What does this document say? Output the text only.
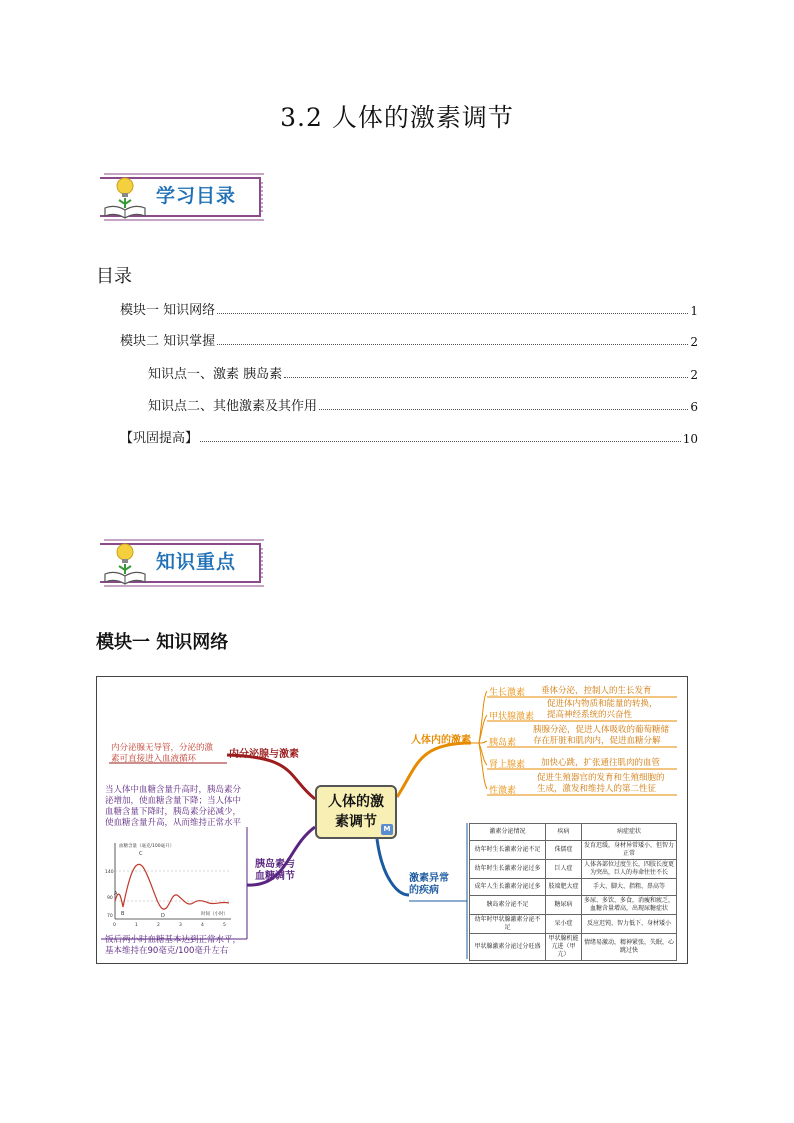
3.2 人体的激素调节
学习目录
目录
模块一 知识网络	1
模块二 知识掌握	2
知识点一、激素 胰岛素	2
知识点二、其他激素及其作用	6
【巩固提高】	10
知识重点
模块一 知识网络
人体的激
素调节 M
内分泌腺与激素
内分泌腺无导管，分泌的激
素可直接进入血液循环
胰岛素与
血糖调节
当人体中血糖含量升高时，胰岛素分
泌增加，使血糖含量下降；当人体中
血糖含量下降时，胰岛素分泌减少，
使血糖含量升高，从而维持正常水平
血糖含量（毫克/100毫升）
140
90
70
A
B
C
D
0	1	2	3	4	5
时间（小时）
饭后两小时血糖基本达到正常水平，
基本维持在90毫克/100毫升左右
人体内的激素
生长激素 垂体分泌，控制人的生长发育
甲状腺激素
促进体内物质和能量的转换，
提高神经系统的兴奋性
胰岛素
胰腺分泌，促进人体吸收的葡萄糖储
存在肝脏和肌肉内，促进血糖分解
肾上腺素 加快心跳，扩张通往肌肉的血管
性激素
促进生殖器官的发育和生殖细胞的
生成，激发和维持人的第二性征
激素异常
的疾病
激素分泌情况	疾病	病症症状
幼年时生长激素分泌不足	侏儒症	发育迟缓，身材异常矮小，但智力正常
幼年时生长激素分泌过多	巨人症	人体各部位过度生长，四肢长度更为突出，巨人的寿命往往不长
成年人生长激素分泌过多	肢端肥大症	手大、脚大、指粗、鼻高等
胰岛素分泌不足	糖尿病	多尿、多饮、多食，消瘦和疲乏，血糖含量增高，出现尿糖症状
幼年时甲状腺激素分泌不足	呆小症	反应迟钝、智力低下、身材矮小
甲状腺激素分泌过分旺盛	甲状腺机能亢进（甲亢）	情绪易激动，精神紧张，失眠，心跳过快
